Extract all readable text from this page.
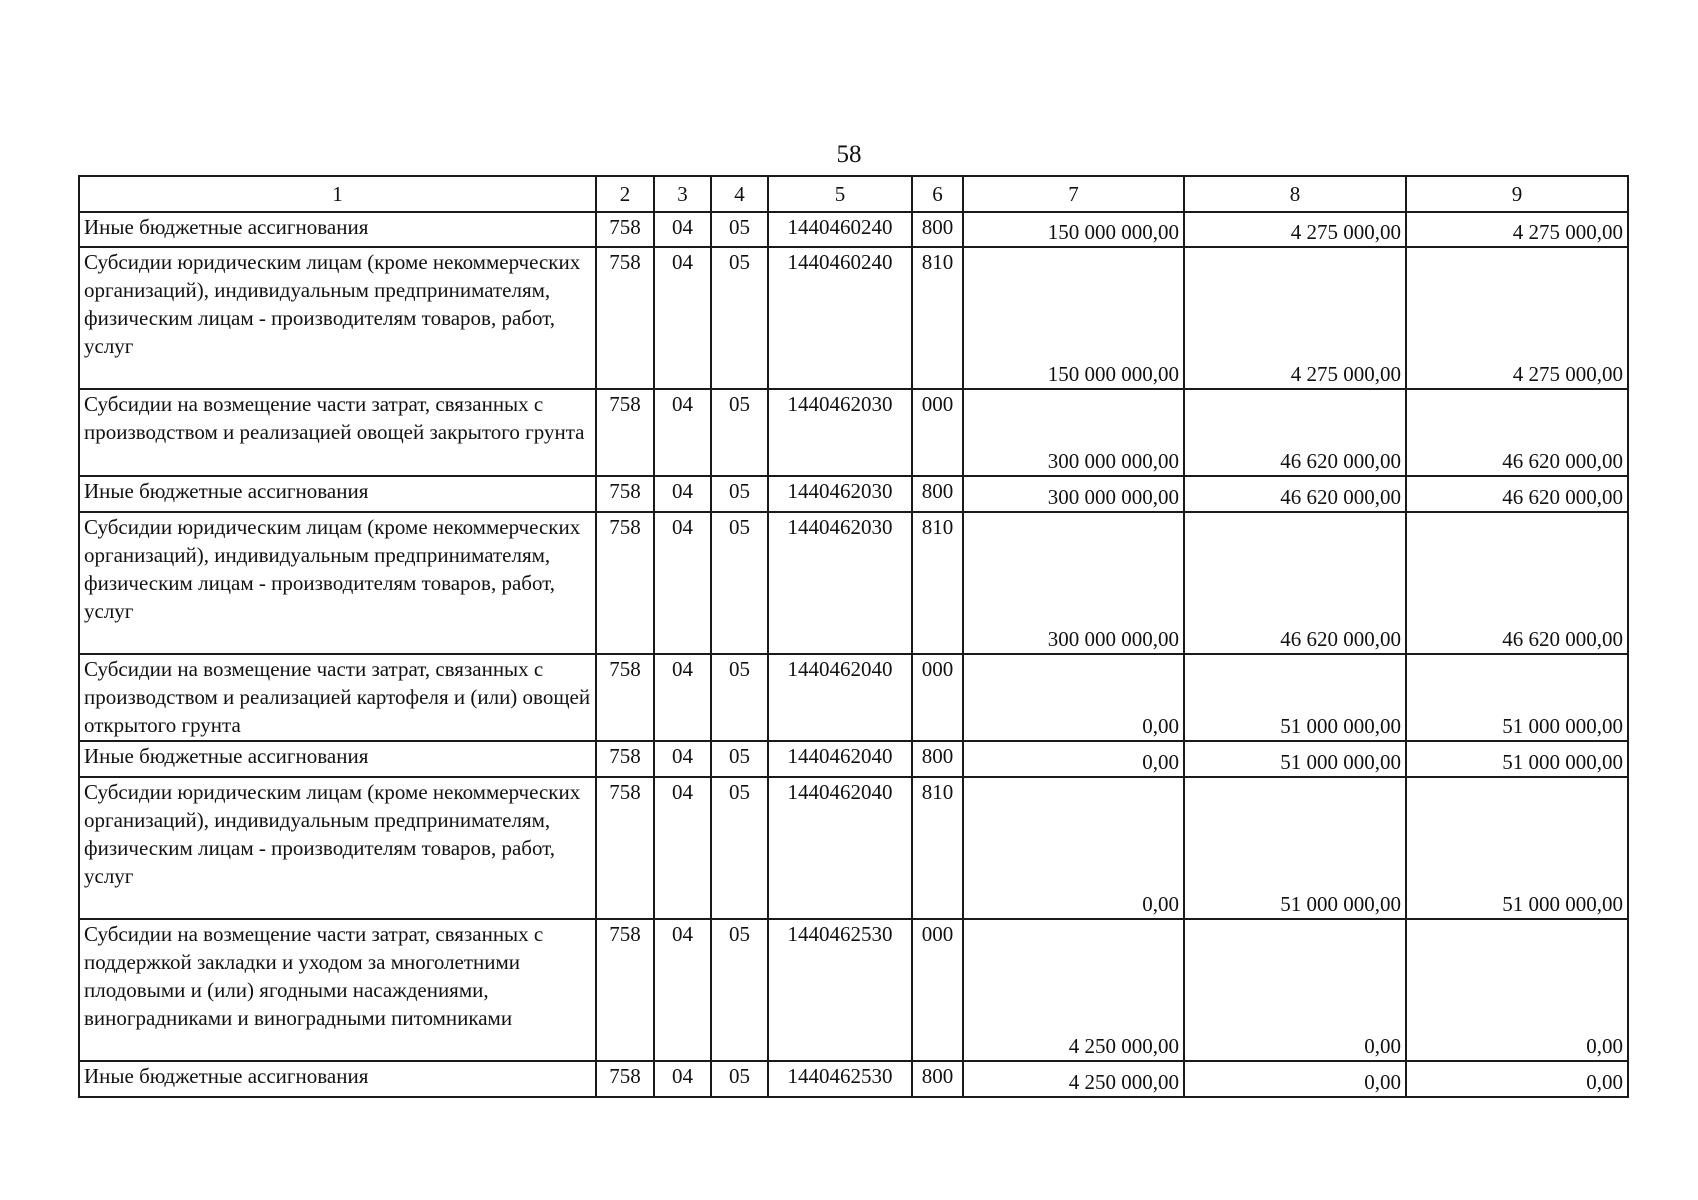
58
1	2	3	4	5	6	7	8	9
Иные бюджетные ассигнования	758	04	05	1440460240	800	150 000 000,00	4 275 000,00	4 275 000,00
Субсидии юридическим лицам (кроме некоммерческих организаций), индивидуальным предпринимателям, физическим лицам - производителям товаров, работ, услуг	758	04	05	1440460240	810	150 000 000,00	4 275 000,00	4 275 000,00
Субсидии на возмещение части затрат, связанных с производством и реализацией овощей закрытого грунта	758	04	05	1440462030	000	300 000 000,00	46 620 000,00	46 620 000,00
Иные бюджетные ассигнования	758	04	05	1440462030	800	300 000 000,00	46 620 000,00	46 620 000,00
Субсидии юридическим лицам (кроме некоммерческих организаций), индивидуальным предпринимателям, физическим лицам - производителям товаров, работ, услуг	758	04	05	1440462030	810	300 000 000,00	46 620 000,00	46 620 000,00
Субсидии на возмещение части затрат, связанных с производством и реализацией картофеля и (или) овощей открытого грунта	758	04	05	1440462040	000	0,00	51 000 000,00	51 000 000,00
Иные бюджетные ассигнования	758	04	05	1440462040	800	0,00	51 000 000,00	51 000 000,00
Субсидии юридическим лицам (кроме некоммерческих организаций), индивидуальным предпринимателям, физическим лицам - производителям товаров, работ, услуг	758	04	05	1440462040	810	0,00	51 000 000,00	51 000 000,00
Субсидии на возмещение части затрат, связанных с поддержкой закладки и уходом за многолетними плодовыми и (или) ягодными насаждениями, виноградниками и виноградными питомниками	758	04	05	1440462530	000	4 250 000,00	0,00	0,00
Иные бюджетные ассигнования	758	04	05	1440462530	800	4 250 000,00	0,00	0,00
